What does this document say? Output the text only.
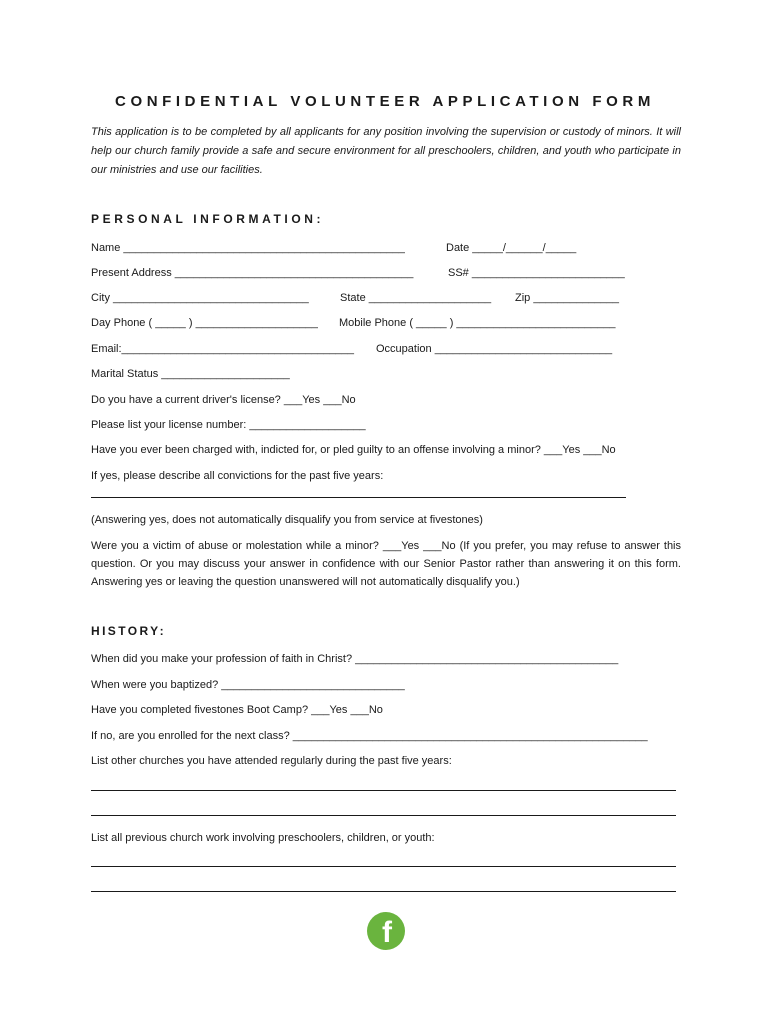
CONFIDENTIAL VOLUNTEER APPLICATION FORM
This application is to be completed by all applicants for any position involving the supervision or custody of minors. It will help our church family provide a safe and secure environment for all preschoolers, children, and youth who participate in our ministries and use our facilities.
PERSONAL INFORMATION:
Name ______________________________________________	Date _____/______/_____
Present Address _______________________________________	SS# _________________________
City ________________________________	State ____________________ Zip ______________
Day Phone ( _____ ) ____________________ Mobile Phone ( _____ ) __________________________
Email:______________________________________ Occupation _____________________________
Marital Status _____________________
Do you have a current driver's license? ___Yes ___No
Please list your license number: ___________________
Have you ever been charged with, indicted for, or pled guilty to an offense involving a minor? ___Yes ___No
If yes, please describe all convictions for the past five years:
(Answering yes, does not automatically disqualify you from service at fivestones)
Were you a victim of abuse or molestation while a minor? ___Yes ___No (If you prefer, you may refuse to answer this question. Or you may discuss your answer in confidence with our Senior Pastor rather than answering it on this form. Answering yes or leaving the question unanswered will not automatically disqualify you.)
HISTORY:
When did you make your profession of faith in Christ? ___________________________________________
When were you baptized? ______________________________
Have you completed fivestones Boot Camp? ___Yes ___No
If no, are you enrolled for the next class? __________________________________________________________
List other churches you have attended regularly during the past five years:
List all previous church work involving preschoolers, children, or youth:
f
